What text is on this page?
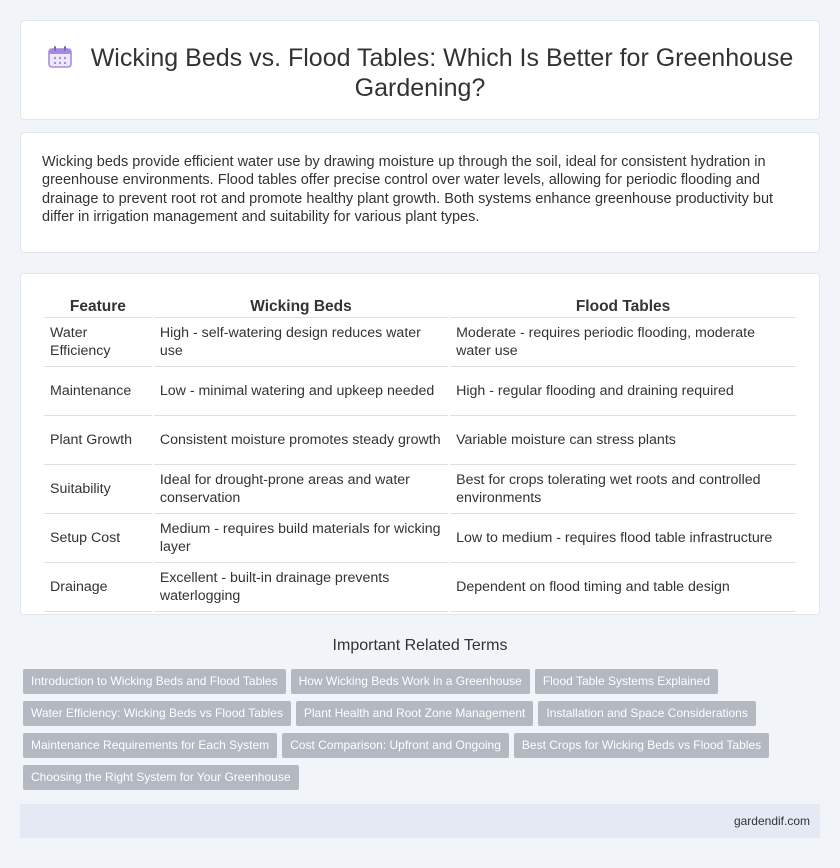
Wicking Beds vs. Flood Tables: Which Is Better for Greenhouse Gardening?

Wicking beds provide efficient water use by drawing moisture up through the soil, ideal for consistent hydration in greenhouse environments. Flood tables offer precise control over water levels, allowing for periodic flooding and drainage to prevent root rot and promote healthy plant growth. Both systems enhance greenhouse productivity but differ in irrigation management and suitability for various plant types.

Feature	Wicking Beds	Flood Tables
Water Efficiency	High - self-watering design reduces water use	Moderate - requires periodic flooding, moderate water use
Maintenance	Low - minimal watering and upkeep needed	High - regular flooding and draining required
Plant Growth	Consistent moisture promotes steady growth	Variable moisture can stress plants
Suitability	Ideal for drought-prone areas and water conservation	Best for crops tolerating wet roots and controlled environments
Setup Cost	Medium - requires build materials for wicking layer	Low to medium - requires flood table infrastructure
Drainage	Excellent - built-in drainage prevents waterlogging	Dependent on flood timing and table design
Important Related Terms
Introduction to Wicking Beds and Flood Tables How Wicking Beds Work in a Greenhouse Flood Table Systems Explained
Water Efficiency: Wicking Beds vs Flood Tables Plant Health and Root Zone Management Installation and Space Considerations
Maintenance Requirements for Each System Cost Comparison: Upfront and Ongoing Best Crops for Wicking Beds vs Flood Tables
Choosing the Right System for Your Greenhouse
gardendif.com
